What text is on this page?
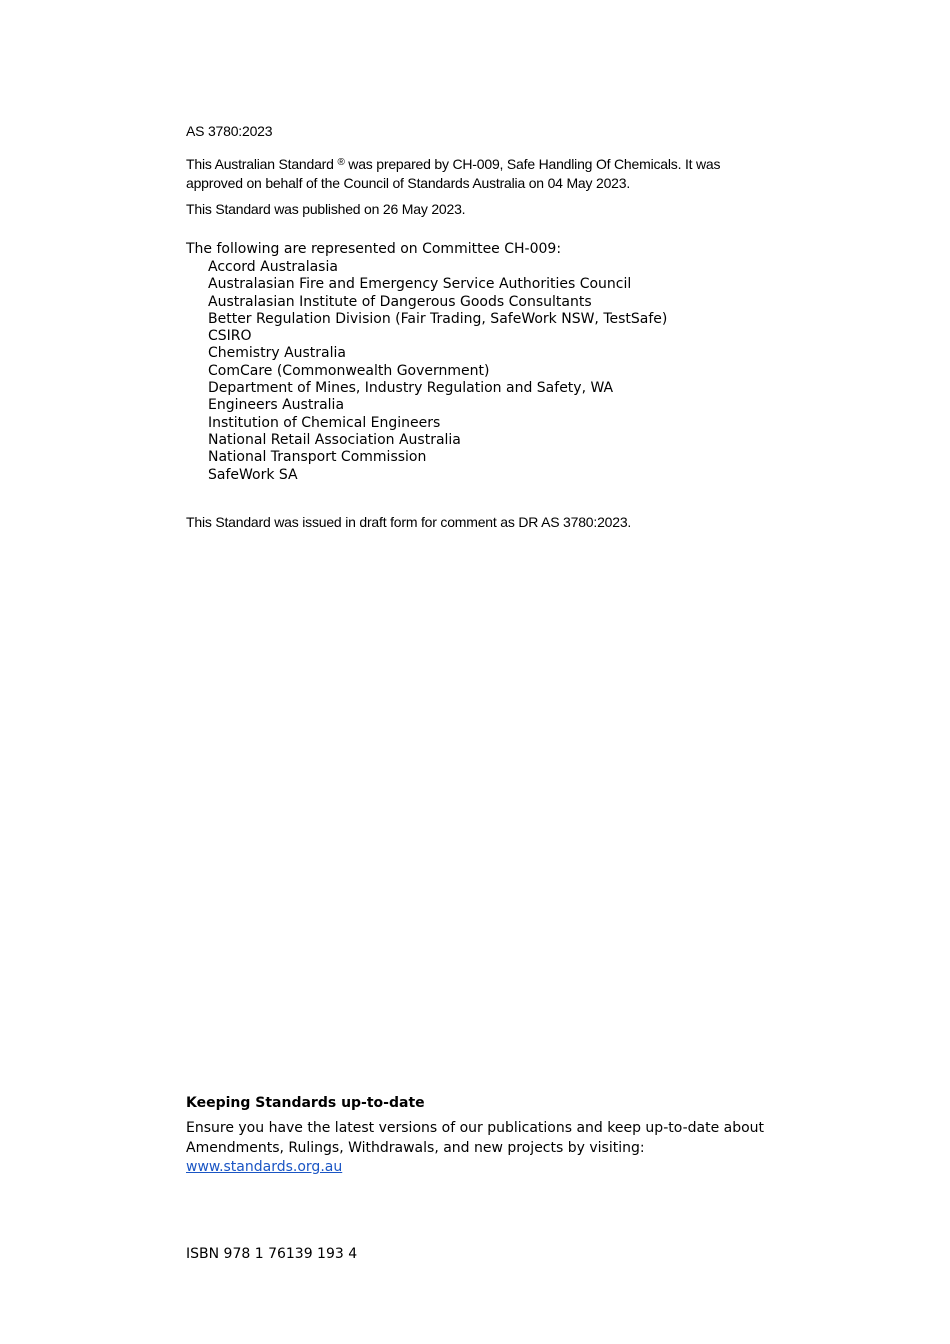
AS 3780:2023

This Australian Standard ® was prepared by CH-009, Safe Handling Of Chemicals. It was approved on behalf of the Council of Standards Australia on 04 May 2023.

This Standard was published on 26 May 2023.

The following are represented on Committee CH-009:

Accord Australasia
Australasian Fire and Emergency Service Authorities Council
Australasian Institute of Dangerous Goods Consultants
Better Regulation Division (Fair Trading, SafeWork NSW, TestSafe)
CSIRO
Chemistry Australia
ComCare (Commonwealth Government)
Department of Mines, Industry Regulation and Safety, WA
Engineers Australia
Institution of Chemical Engineers
National Retail Association Australia
National Transport Commission
SafeWork SA

This Standard was issued in draft form for comment as DR AS 3780:2023.

Keeping Standards up-to-date

Ensure you have the latest versions of our publications and keep up-to-date about
Amendments, Rulings, Withdrawals, and new projects by visiting:
www.standards.org.au

ISBN 978 1 76139 193 4
